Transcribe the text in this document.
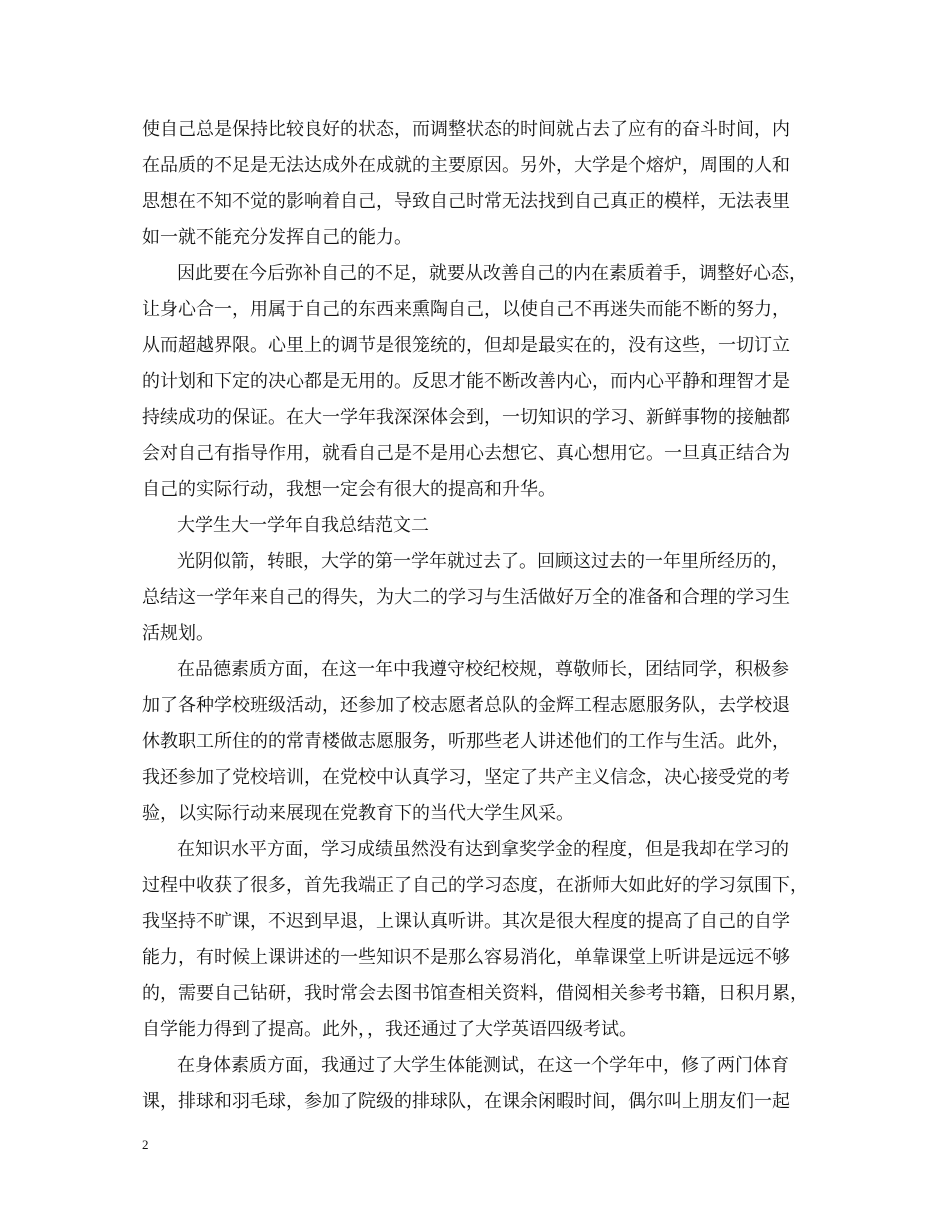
使自己总是保持比较良好的状态，而调整状态的时间就占去了应有的奋斗时间，内

在品质的不足是无法达成外在成就的主要原因。另外，大学是个熔炉，周围的人和

思想在不知不觉的影响着自己，导致自己时常无法找到自己真正的模样，无法表里

如一就不能充分发挥自己的能力。

因此要在今后弥补自己的不足，就要从改善自己的内在素质着手，调整好心态，

让身心合一，用属于自己的东西来熏陶自己，以使自己不再迷失而能不断的努力，

从而超越界限。心里上的调节是很笼统的，但却是最实在的，没有这些，一切订立

的计划和下定的决心都是无用的。反思才能不断改善内心，而内心平静和理智才是

持续成功的保证。在大一学年我深深体会到，一切知识的学习、新鲜事物的接触都

会对自己有指导作用，就看自己是不是用心去想它、真心想用它。一旦真正结合为

自己的实际行动，我想一定会有很大的提高和升华。

大学生大一学年自我总结范文二

光阴似箭，转眼，大学的第一学年就过去了。回顾这过去的一年里所经历的，

总结这一学年来自己的得失，为大二的学习与生活做好万全的准备和合理的学习生

活规划。

在品德素质方面，在这一年中我遵守校纪校规，尊敬师长，团结同学，积极参

加了各种学校班级活动，还参加了校志愿者总队的金辉工程志愿服务队，去学校退

休教职工所住的的常青楼做志愿服务，听那些老人讲述他们的工作与生活。此外，

我还参加了党校培训，在党校中认真学习，坚定了共产主义信念，决心接受党的考

验，以实际行动来展现在党教育下的当代大学生风采。

在知识水平方面，学习成绩虽然没有达到拿奖学金的程度，但是我却在学习的

过程中收获了很多，首先我端正了自己的学习态度，在浙师大如此好的学习氛围下，

我坚持不旷课，不迟到早退，上课认真听讲。其次是很大程度的提高了自己的自学

能力，有时候上课讲述的一些知识不是那么容易消化，单靠课堂上听讲是远远不够

的，需要自己钻研，我时常会去图书馆查相关资料，借阅相关参考书籍，日积月累，

自学能力得到了提高。此外，，我还通过了大学英语四级考试。

在身体素质方面，我通过了大学生体能测试，在这一个学年中，修了两门体育

课，排球和羽毛球，参加了院级的排球队，在课余闲暇时间，偶尔叫上朋友们一起

2
